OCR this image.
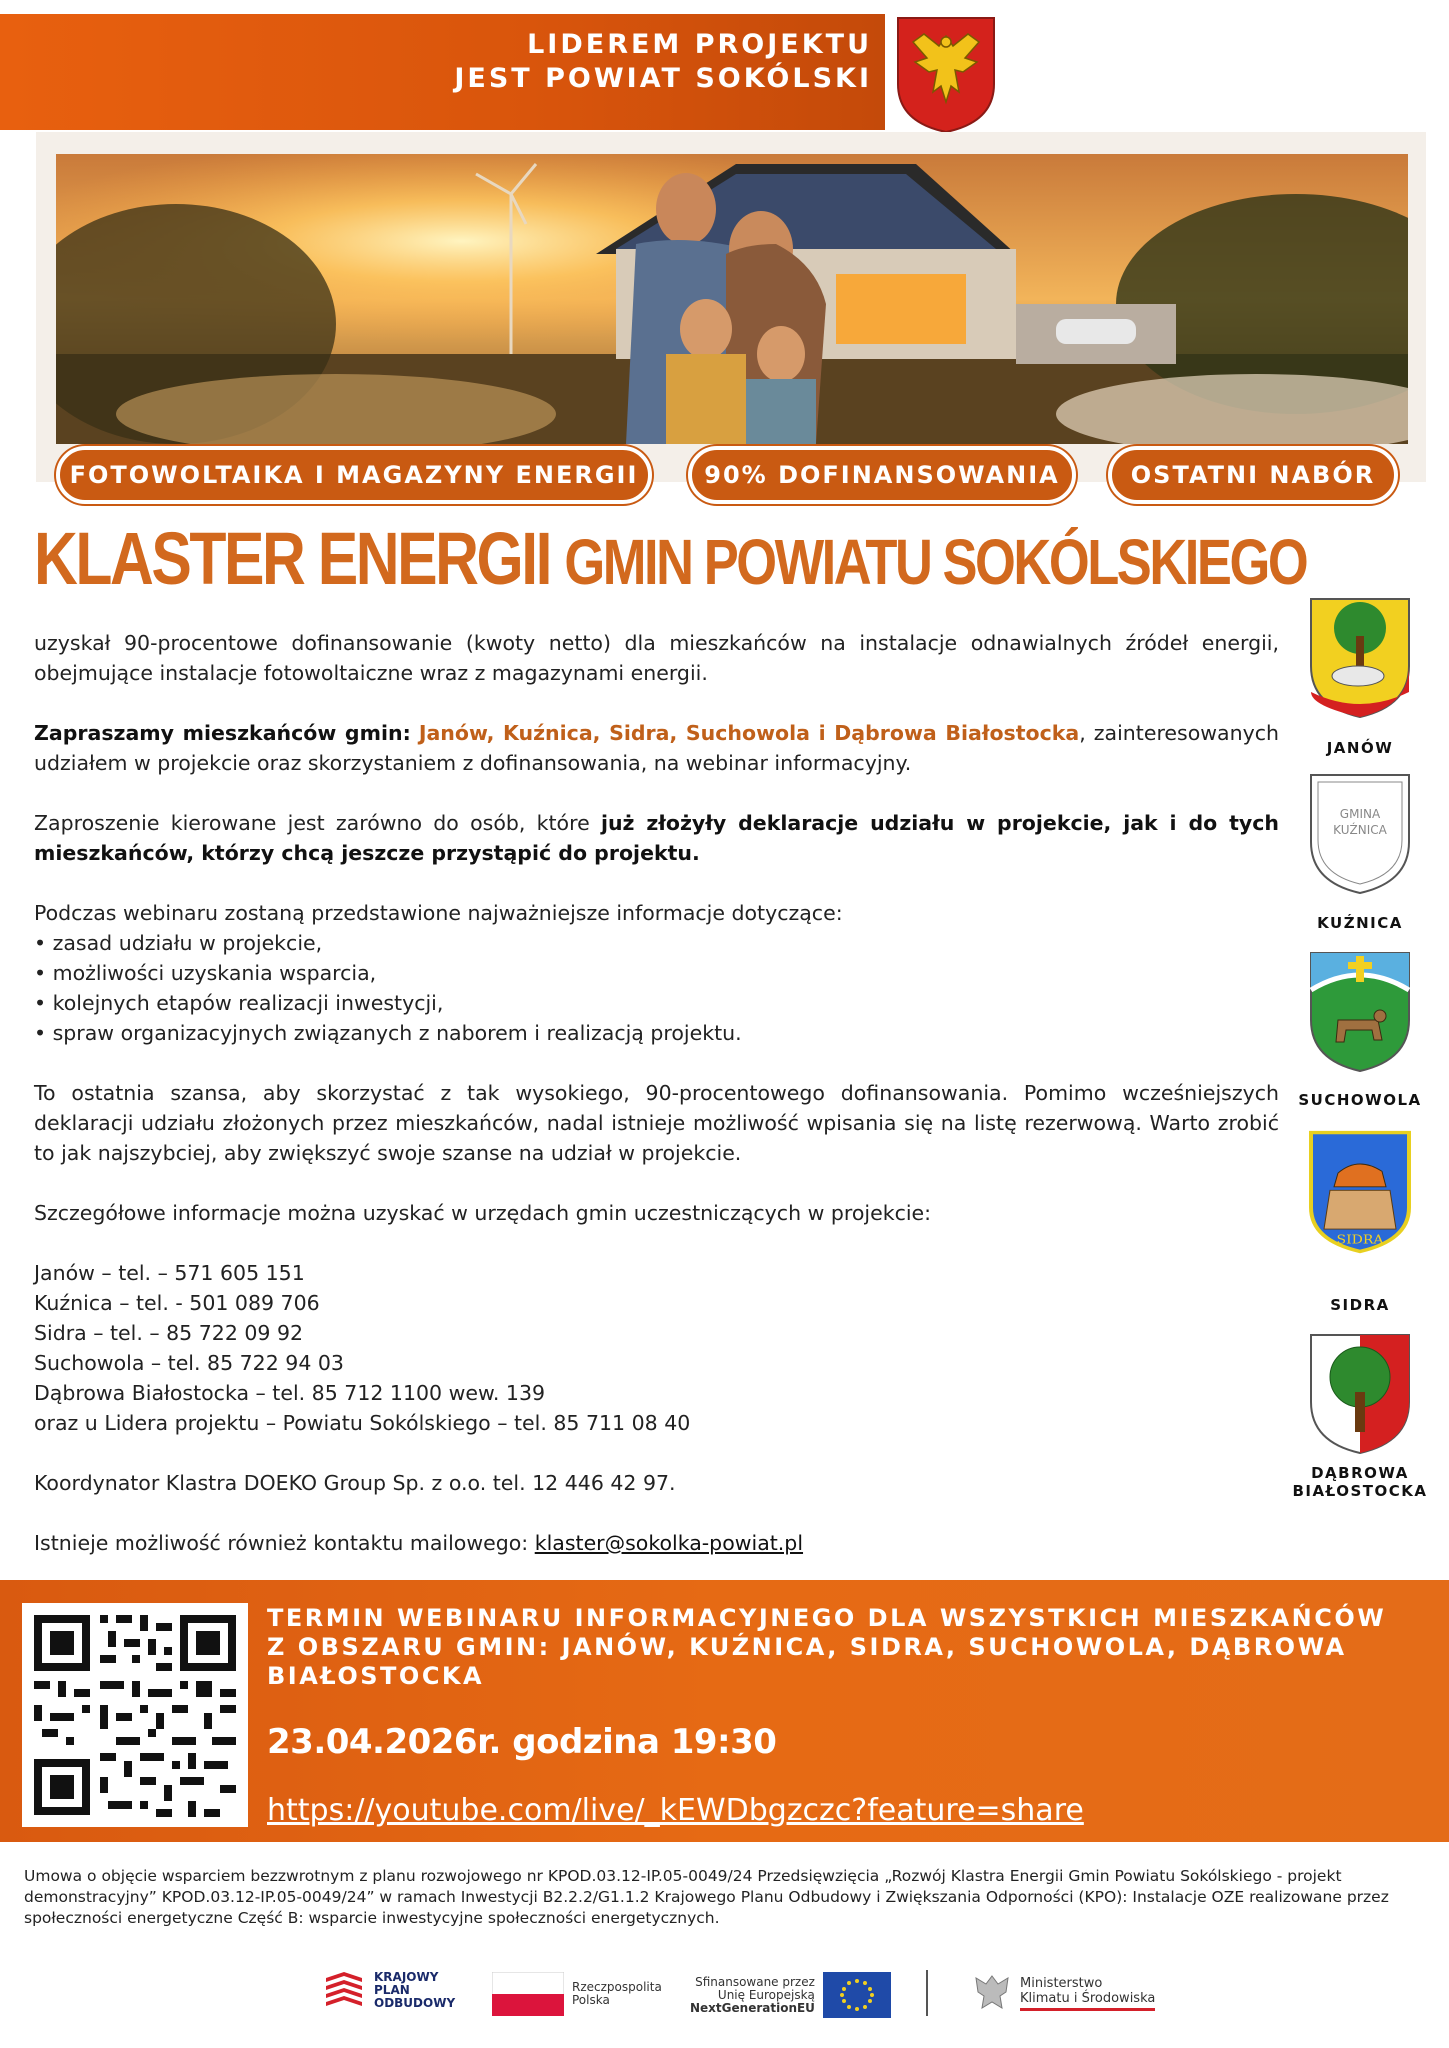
LIDEREM PROJEKTU
JEST POWIAT SOKÓLSKI
FOTOWOLTAIKA I MAGAZYNY ENERGII	90% DOFINANSOWANIA	OSTATNI NABÓR
KLASTER ENERGII GMIN POWIATU SOKÓLSKIEGO

uzyskał 90-procentowe dofinansowanie (kwoty netto) dla mieszkańców na instalacje odnawialnych źródeł energii, obejmujące instalacje fotowoltaiczne wraz z magazynami energii.

Zapraszamy mieszkańców gmin: Janów, Kuźnica, Sidra, Suchowola i Dąbrowa Białostocka, zainteresowanych udziałem w projekcie oraz skorzystaniem z dofinansowania, na webinar informacyjny.

Zaproszenie kierowane jest zarówno do osób, które już złożyły deklaracje udziału w projekcie, jak i do tych mieszkańców, którzy chcą jeszcze przystąpić do projektu.

Podczas webinaru zostaną przedstawione najważniejsze informacje dotyczące:
• zasad udziału w projekcie,
• możliwości uzyskania wsparcia,
• kolejnych etapów realizacji inwestycji,
• spraw organizacyjnych związanych z naborem i realizacją projektu.

To ostatnia szansa, aby skorzystać z tak wysokiego, 90-procentowego dofinansowania. Pomimo wcześniejszych deklaracji udziału złożonych przez mieszkańców, nadal istnieje możliwość wpisania się na listę rezerwową. Warto zrobić to jak najszybciej, aby zwiększyć swoje szanse na udział w projekcie.

Szczegółowe informacje można uzyskać w urzędach gmin uczestniczących w projekcie:

Janów – tel. – 571 605 151
Kuźnica – tel. - 501 089 706
Sidra – tel. – 85 722 09 92
Suchowola – tel. 85 722 94 03
Dąbrowa Białostocka – tel. 85 712 1100 wew. 139
oraz u Lidera projektu – Powiatu Sokólskiego – tel. 85 711 08 40

Koordynator Klastra DOEKO Group Sp. z o.o. tel. 12 446 42 97.

Istnieje możliwość również kontaktu mailowego: klaster@sokolka-powiat.pl

JANÓW
GMINA
KUŹNICA
KUŹNICA
SUCHOWOLA
SIDRA
SIDRA
DĄBROWA
BIAŁOSTOCKA
TERMIN WEBINARU INFORMACYJNEGO DLA WSZYSTKICH MIESZKAŃCÓW Z OBSZARU GMIN: JANÓW, KUŹNICA, SIDRA, SUCHOWOLA, DĄBROWA BIAŁOSTOCKA
23.04.2026r. godzina 19:30
https://youtube.com/live/_kEWDbgzczc?feature=share
Umowa o objęcie wsparciem bezzwrotnym z planu rozwojowego nr KPOD.03.12-IP.05-0049/24 Przedsięwzięcia „Rozwój Klastra Energii Gmin Powiatu Sokólskiego - projekt demonstracyjny” KPOD.03.12-IP.05-0049/24” w ramach Inwestycji B2.2.2/G1.1.2 Krajowego Planu Odbudowy i Zwiększania Odporności (KPO): Instalacje OZE realizowane przez społeczności energetyczne Część B: wsparcie inwestycyjne społeczności energetycznych.
KRAJOWY
PLAN
ODBUDOWY
Rzeczpospolita
Polska
Sfinansowane przez
Unię Europejską
NextGenerationEU
Ministerstwo
Klimatu i Środowiska
